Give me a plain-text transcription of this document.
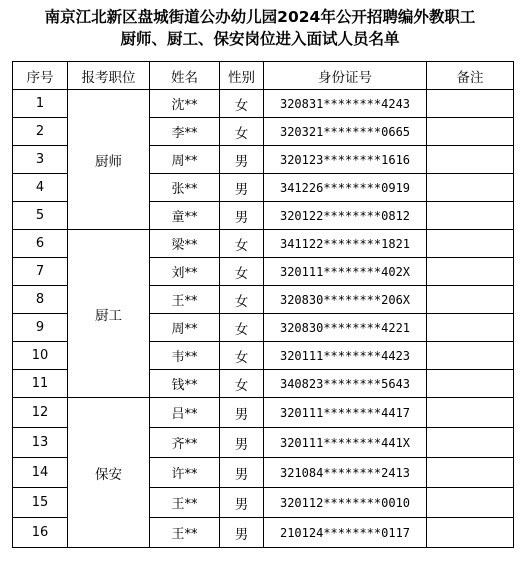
南京江北新区盘城街道公办幼儿园2024年公开招聘编外教职工
厨师、厨工、保安岗位进入面试人员名单
序号	报考职位	姓名	性别	身份证号	备注
1	厨师	沈**	女	320831********4243	
2		李**	女	320321********0665	
3		周**	男	320123********1616	
4		张**	男	341226********0919	
5		童**	男	320122********0812	
6	厨工	梁**	女	341122********1821	
7		刘**	女	320111********402X	
8		王**	女	320830********206X	
9		周**	女	320830********4221	
10		韦**	女	320111********4423	
11		钱**	女	340823********5643	
12	保安	吕**	男	320111********4417	
13		齐**	男	320111********441X	
14		许**	男	321084********2413	
15		王**	男	320112********0010	
16		王**	男	210124********0117	
